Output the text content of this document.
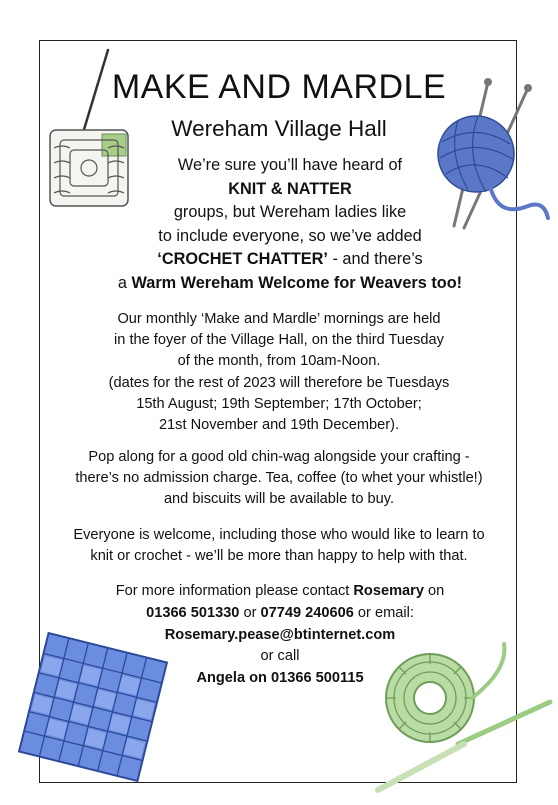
MAKE AND MARDLE
Wereham Village Hall
We’re sure you’ll have heard of
KNIT & NATTER
groups, but Wereham ladies like
to include everyone, so we’ve added
‘CROCHET CHATTER’ - and there’s
a Warm Wereham Welcome for Weavers too!
Our monthly ‘Make and Mardle’ mornings are held
in the foyer of the Village Hall, on the third Tuesday
of the month, from 10am-Noon.
(dates for the rest of 2023 will therefore be Tuesdays
15th August; 19th September; 17th October;
21st November and 19th December).
Pop along for a good old chin-wag alongside your crafting -
there’s no admission charge. Tea, coffee (to whet your whistle!)
and biscuits will be available to buy.
Everyone is welcome, including those who would like to learn to
knit or crochet - we’ll be more than happy to help with that.
For more information please contact Rosemary on
01366 501330 or 07749 240606 or email:
Rosemary.pease@btinternet.com
or call
Angela on 01366 500115
